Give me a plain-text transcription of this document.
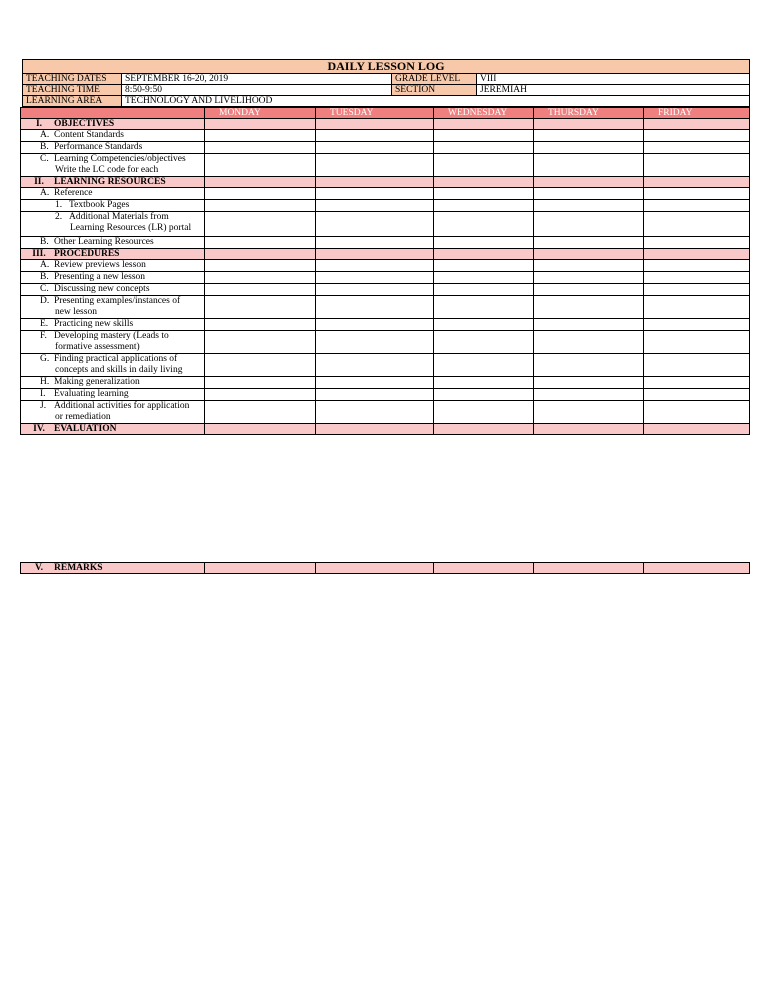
DAILY LESSON LOG			
TEACHING DATES	SEPTEMBER 16-20, 2019	GRADE LEVEL	VIII
TEACHING TIME	8:50-9:50	SECTION	JEREMIAH
LEARNING AREA	TECHNOLOGY AND LIVELIHOOD		
	MONDAY	TUESDAY	WEDNESDAY	THURSDAY	FRIDAY
I. OBJECTIVES					
A. Content Standards					
B. Performance Standards					
C. Learning Competencies/objectives
Write the LC code for each					

II. LEARNING RESOURCES					
A. Reference					
1. Textbook Pages					
2. Additional Materials from
Learning Resources (LR) portal					

B. Other Learning Resources					
III. PROCEDURES					
A. Review previews lesson					
B. Presenting a new lesson					
C. Discussing new concepts					
D. Presenting examples/instances of
new lesson					

E. Practicing new skills					
F. Developing mastery (Leads to
formative assessment)					

G. Finding practical applications of
concepts and skills in daily living					

H. Making generalization					
I. Evaluating learning					
J. Additional activities for application
or remediation					

IV. EVALUATION					
V. REMARKS					
